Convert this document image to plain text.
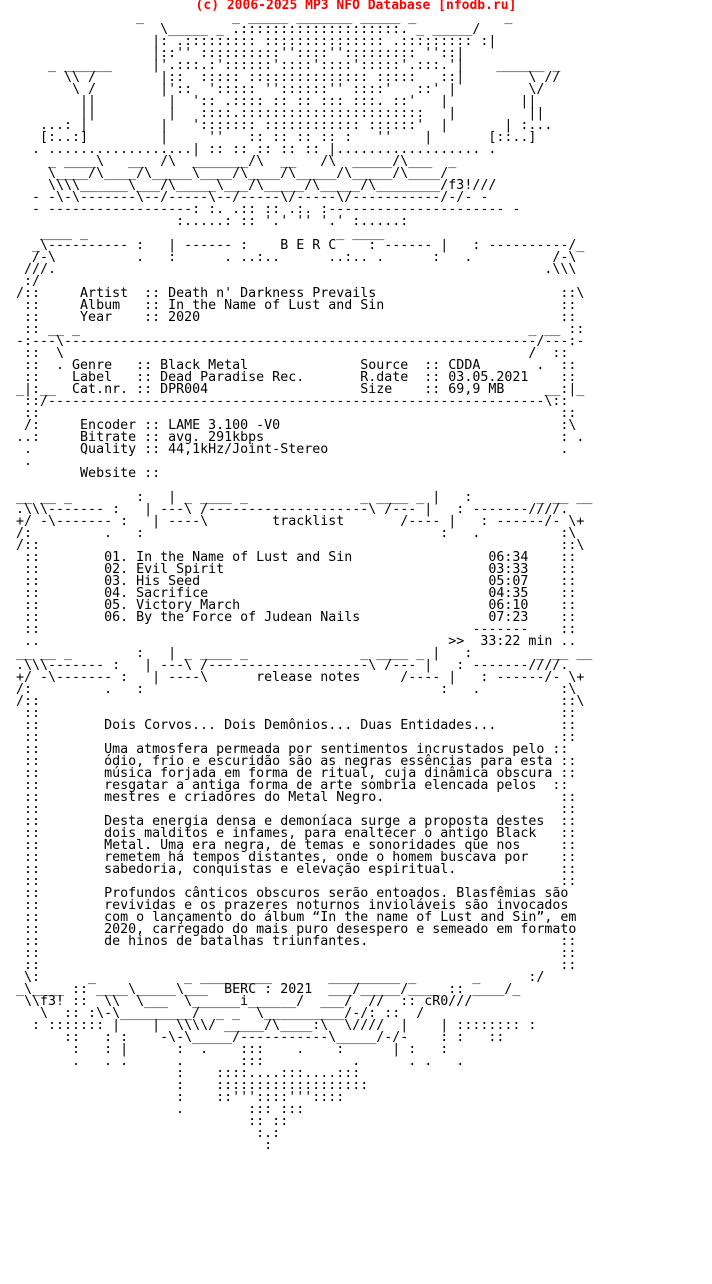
(c) 2006-2025 MP3 NFO Database [nfodb.ru]
_           _ _____ _______ _____ _           _
\_____ _ .::::::::::::::::::::. _ _____/
|: .::::::::: ::::::::::::::: .::::::::: :|
|::'' ::::::::::''::::''::::::::: ''::|
_ ______     |'.:::.:'::::::'::::'::::':::::'.:::.'|    ______ _
\\ /        |::  ::::: ::::::::::::::: :::::   ::|        \ //
\ /        |'::  '::::: ''::::::'' ::::'   ::' |         \/
||         |  ':: .:::: :: :: ::: :::. ::'   |         ||
||         |   ::::.:::::::::::::::::::::::   |         ||
...: |         |   '::::::: :::::::::::: ::::::'  |       | :...
[:..:]         |     ''   :: :: :: :: :   ''    |       [::..]
. ..................| :: :: :: :: :: |.................. .
_ ____\   __  /\  _______/\  __   /\  _____/\___  _
\____/\____/\_____\____/\____/\_____/\_____/\____/
\\\\______\___/\_____\___/\_____/\_____/\________/f3!///
- -\-\-------\--/-----\--/-----\/-----\/-----------/-/- -
- ------------------: :. .:: :: .:. :---------------------- -
:.....: :: '.' '' '.' :.....:
____ _                               _ ____
_\---------- :   | ------ :    B E R C    : ------ |   : ----------/_
/-\          .   :      . ..:..      ..:.. .      :   .          /-\
///.                                                             .\\\
:/
/::     Artist  :: Death n' Darkness Prevails                       ::\
::     Album   :: In the Name of Lust and Sin                      ::
::     Year    :: 2020                                             ::
:: __ _                                                        _ __ ::
-:---\-----------------------------------------------------------/---:-
::  \                                                          /  ::
::  . Genre   :: Black Metal              Source  :: CDDA       .  ::
::    Label   :: Dead Paradise Rec.       R.date  :: 03.05.2021    ::
_|:__  Cat.nr. :: DPR004                   Size    :: 69,9 MB     __:|_
::/--------------------------------------------------------------\::
::                                                                 ::
/:     Encoder :: LAME 3.100 -V0                                   :\
..:     Bitrate :: avg. 291kbps                                     : .
.      Quality :: 44,1kHz/Joint-Stereo                             .
.
Website ::

__ __ _        :   | _ ____ _              _ ____ _ |   :        _ __ __
.\\\------- :   | ---\ /--------------------\ /--- |   : -------////.
+/ -\------- :   | ----\        tracklist       /---- |   : ------/- \+
/:         .   :                                     :   .          :\
/::                                                                 ::\
::        01. In the Name of Lust and Sin                 06:34    ::
::        02. Evil Spirit                                 03:33    ::
::        03. His Seed                                    05:07    ::
::        04. Sacrifice                                   04:35    ::
::        05. Victory March                               06:10    ::
::        06. By the Force of Judean Nails                07:23    ::
::                                                      -------    ::
..                                                   >>  33:22 min ..
__ __ _        :   | _ ____ _              _ ____ _ |   :        _ __ __
.\\\------- :   | ---\ /--------------------\ /--- |   : -------////.
+/ -\------- :   | ----\      release notes     /---- |   : ------/- \+
/:         .   :                                     :   .          :\
/::                                                                 ::\
::                                                                 ::
::        Dois Corvos... Dois Demônios... Duas Entidades...        ::
::                                                                 ::
::        Uma atmosfera permeada por sentimentos incrustados pelo ::
::        ódio, frio e escuridão são as negras essências para esta ::
::        música forjada em forma de ritual, cuja dinâmica obscura ::
::        resgatar a antiga forma de arte sombria elencada pelos  ::
::        mestres e criadores do Metal Negro.                      ::
::                                                                 ::
::        Desta energia densa e demoníaca surge a proposta destes  ::
::        dois malditos e infames, para enaltecer o antigo Black   ::
::        Metal. Uma era negra, de temas e sonoridades que nos     ::
::        remetem há tempos distantes, onde o homem buscava por    ::
::        sabedoria, conquistas e elevação espiritual.             ::
::                                                                 ::
::        Profundos cânticos obscuros serão entoados. Blasfêmias são
::        revividas e os prazeres noturnos invioláveis são invocados
::        com o lançamento do álbum “In the name of Lust and Sin”, em
::        2020, carregado do mais puro desespero e semeado em formato
::        de hinos de batalhas triunfantes.                        ::
::                                                                 ::
::                                                                 ::
\:      _           _ _________       _________ _       _      :/
_\____ :: ____\_____\___  BERC : 2021  ___/_____/____ :: ____/_
\\f3! ::  \\  \___  \______i______/  ___/  //  :: cR0///
\  :: :\-\_________/  _ _  \__________/-/: ::  /
: ::::::: |    |  \\\\/ _____/\____:\  \////  |    | :::::::: :
::   : :    -\-\_____/-----------\_____/-/-    : :   ::
:   : |      :  .    :::    .    :      | :   :
.   . .      .       :::           .      . .   .
:    ::::....:::....:::
:    :::::::::::::::::::
:    ::'''::::'''::::
.        ::: :::
:: ::
:.:
:
